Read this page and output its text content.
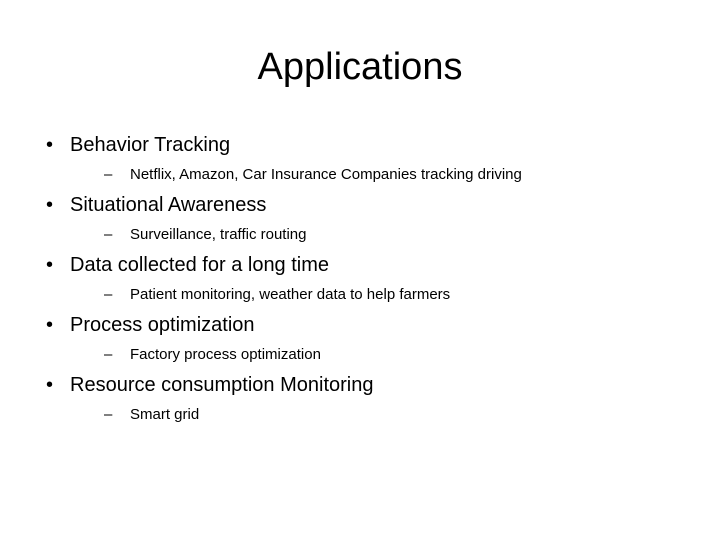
Applications
• Behavior Tracking
–	Netflix, Amazon, Car Insurance Companies tracking driving
• Situational Awareness
–	Surveillance, traffic routing
• Data collected for a long time
–	Patient monitoring, weather data to help farmers
• Process optimization
–	Factory process optimization
• Resource consumption Monitoring
–	Smart grid
